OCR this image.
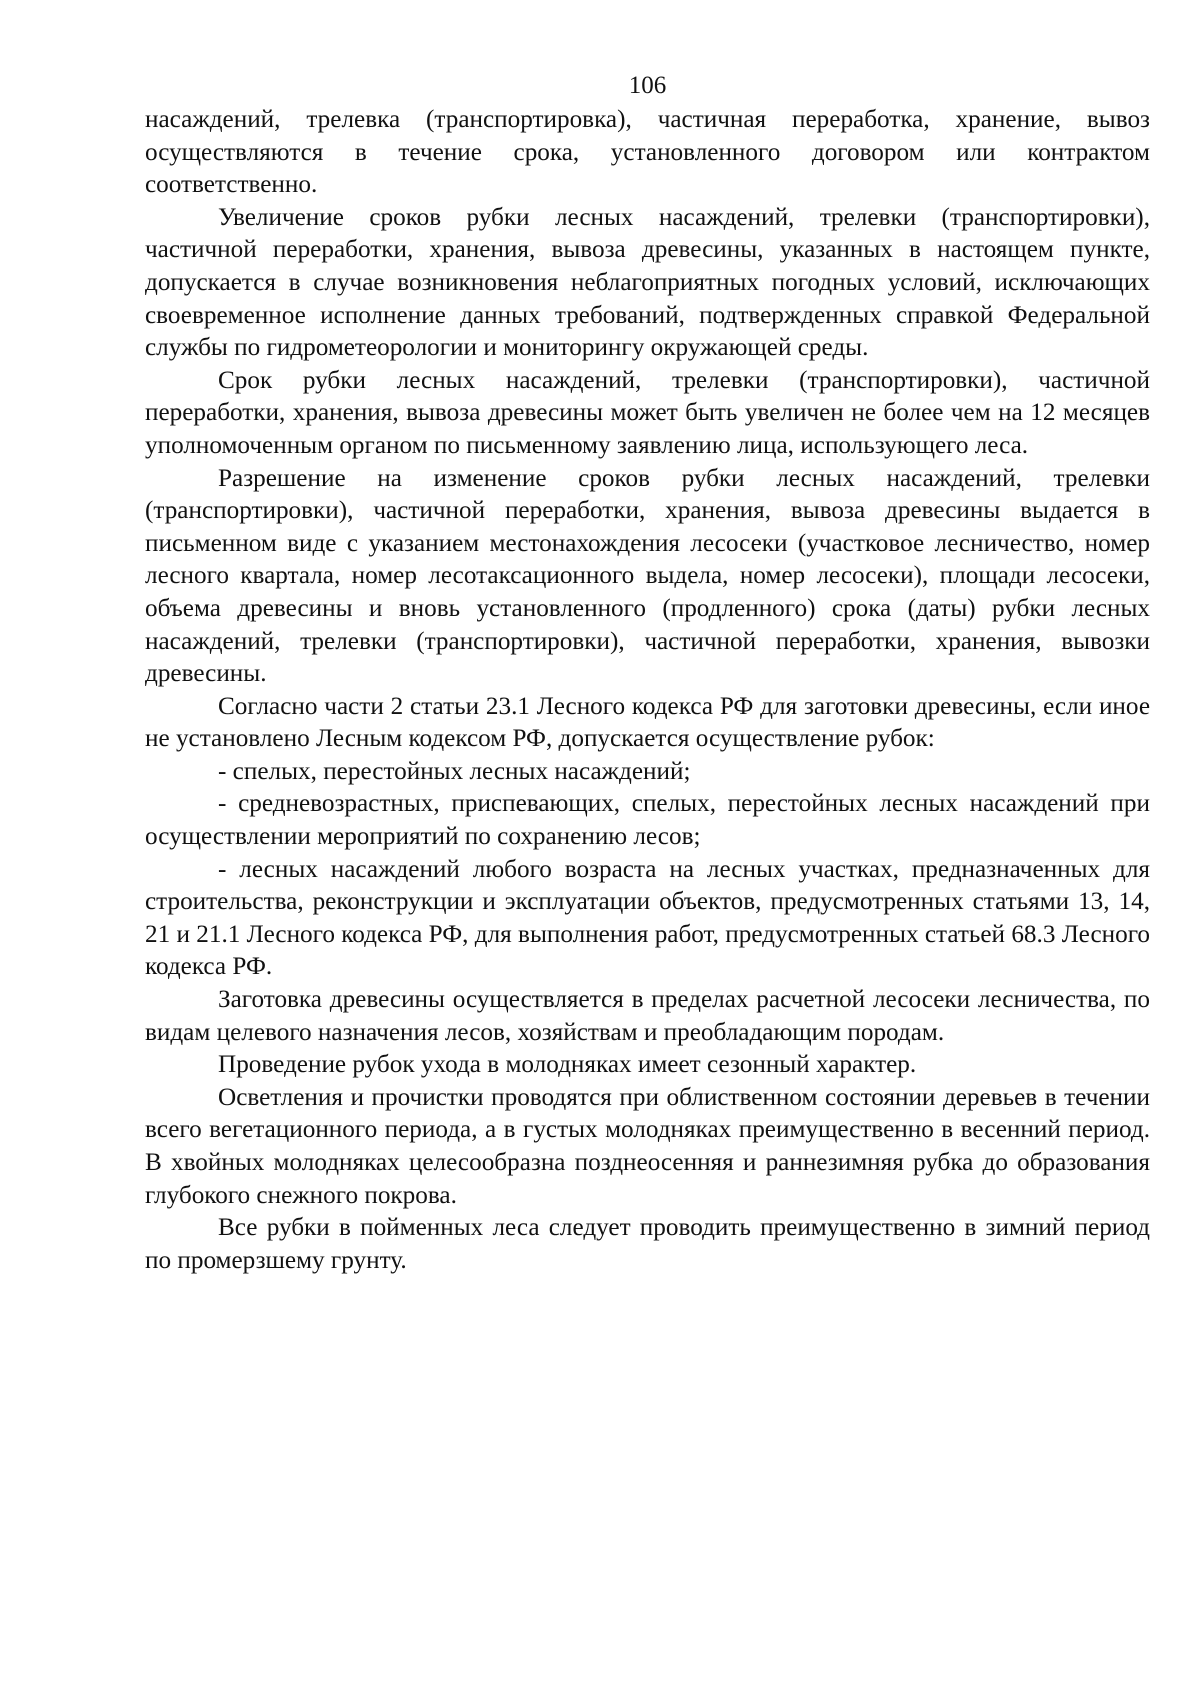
106

насаждений, трелевка (транспортировка), частичная переработка, хранение, вывоз осуществляются в течение срока, установленного договором или контрактом соответственно.

Увеличение сроков рубки лесных насаждений, трелевки (транспортировки), частичной переработки, хранения, вывоза древесины, указанных в настоящем пункте, допускается в случае возникновения неблагоприятных погодных условий, исключающих своевременное исполнение данных требований, подтвержденных справкой Федеральной службы по гидрометеорологии и мониторингу окружающей среды.

Срок рубки лесных насаждений, трелевки (транспортировки), частичной переработки, хранения, вывоза древесины может быть увеличен не более чем на 12 месяцев уполномоченным органом по письменному заявлению лица, использующего леса.

Разрешение на изменение сроков рубки лесных насаждений, трелевки (транспортировки), частичной переработки, хранения, вывоза древесины выдается в письменном виде с указанием местонахождения лесосеки (участковое лесничество, номер лесного квартала, номер лесотаксационного выдела, номер лесосеки), площади лесосеки, объема древесины и вновь установленного (продленного) срока (даты) рубки лесных насаждений, трелевки (транспортировки), частичной переработки, хранения, вывозки древесины.

Согласно части 2 статьи 23.1 Лесного кодекса РФ для заготовки древесины, если иное не установлено Лесным кодексом РФ, допускается осуществление рубок:

- спелых, перестойных лесных насаждений;

- средневозрастных, приспевающих, спелых, перестойных лесных насаждений при осуществлении мероприятий по сохранению лесов;

- лесных насаждений любого возраста на лесных участках, предназначенных для строительства, реконструкции и эксплуатации объектов, предусмотренных статьями 13, 14, 21 и 21.1 Лесного кодекса РФ, для выполнения работ, предусмотренных статьей 68.3 Лесного кодекса РФ.

Заготовка древесины осуществляется в пределах расчетной лесосеки лесничества, по видам целевого назначения лесов, хозяйствам и преобладающим породам.

Проведение рубок ухода в молодняках имеет сезонный характер.

Осветления и прочистки проводятся при облиственном состоянии деревьев в течении всего вегетационного периода, а в густых молодняках преимущественно в весенний период. В хвойных молодняках целесообразна позднеосенняя и раннезимняя рубка до образования глубокого снежного покрова.

Все рубки в пойменных леса следует проводить преимущественно в зимний период по промерзшему грунту.
